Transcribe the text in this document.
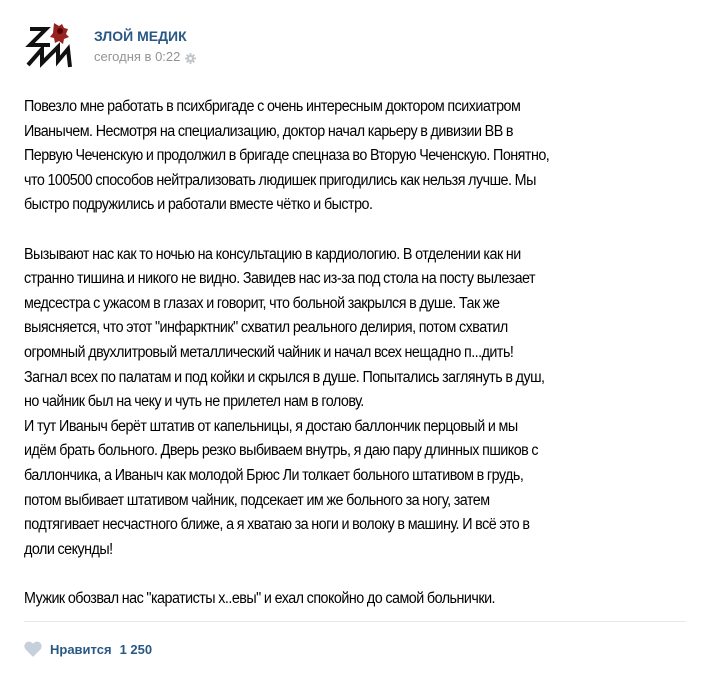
ЗЛОЙ МЕДИК
сегодня в 0:22
Повезло мне работать в психбригаде с очень интересным доктором психиатром
Иванычем. Несмотря на специализацию, доктор начал карьеру в дивизии ВВ в
Первую Чеченскую и продолжил в бригаде спецназа во Вторую Чеченскую. Понятно,
что 100500 способов нейтрализовать людишек пригодились как нельзя лучше. Мы
быстро подружились и работали вместе чётко и быстро.
Вызывают нас как то ночью на консультацию в кардиологию. В отделении как ни
странно тишина и никого не видно. Завидев нас из-за под стола на посту вылезает
медсестра с ужасом в глазах и говорит, что больной закрылся в душе. Так же
выясняется, что этот "инфарктник" схватил реального делирия, потом схватил
огромный двухлитровый металлический чайник и начал всех нещадно п...дить!
Загнал всех по палатам и под койки и скрылся в душе. Попытались заглянуть в душ,
но чайник был на чеку и чуть не прилетел нам в голову.
И тут Иваныч берёт штатив от капельницы, я достаю баллончик перцовый и мы
идём брать больного. Дверь резко выбиваем внутрь, я даю пару длинных пшиков с
баллончика, а Иваныч как молодой Брюс Ли толкает больного штативом в грудь,
потом выбивает штативом чайник, подсекает им же больного за ногу, затем
подтягивает несчастного ближе, а я хватаю за ноги и волоку в машину. И всё это в
доли секунды!
Мужик обозвал нас "каратисты х..евы" и ехал спокойно до самой больнички.
Нравится 1 250
